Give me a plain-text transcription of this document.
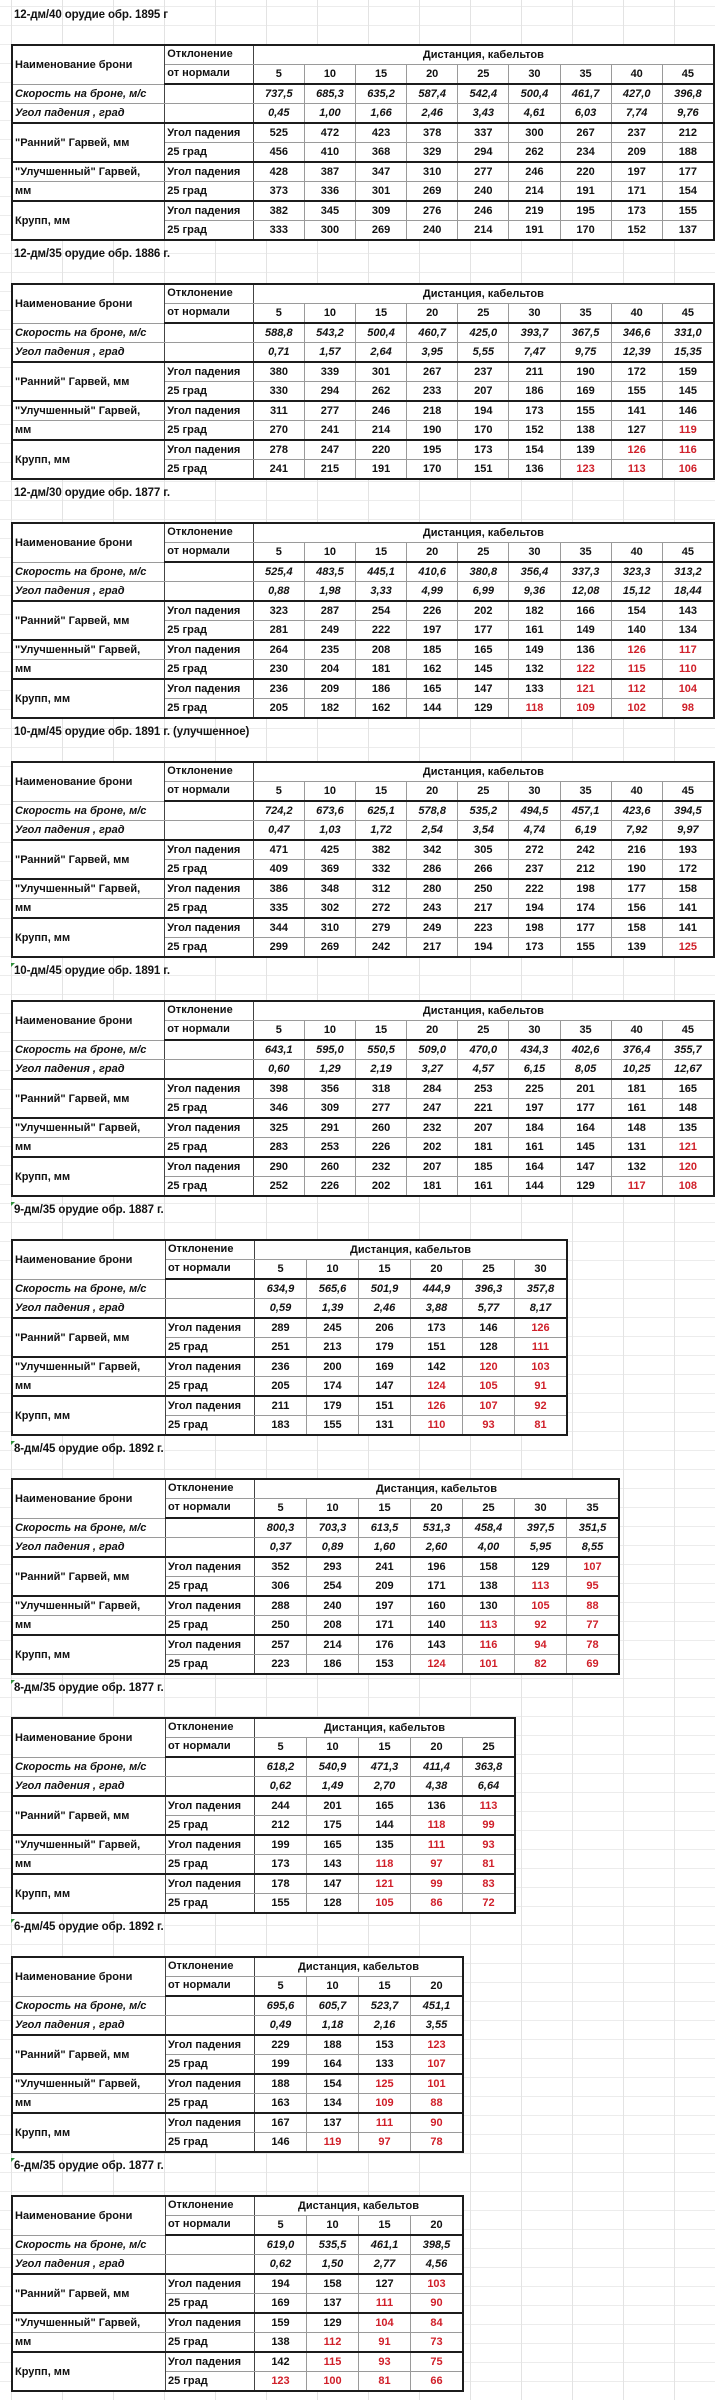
12-дм/40 орудие обр. 1895 г
Наименование брони	Отклонение	Дистанция, кабельтов								
	от нормали	5	10	15	20	25	30	35	40	45
Скорость на броне, м/с		737,5	685,3	635,2	587,4	542,4	500,4	461,7	427,0	396,8
Угол падения , град		0,45	1,00	1,66	2,46	3,43	4,61	6,03	7,74	9,76
"Ранний" Гарвей, мм	Угол падения	525	472	423	378	337	300	267	237	212
	25 град	456	410	368	329	294	262	234	209	188
"Улучшенный" Гарвей,	Угол падения	428	387	347	310	277	246	220	197	177
мм	25 град	373	336	301	269	240	214	191	171	154
Крупп, мм	Угол падения	382	345	309	276	246	219	195	173	155
	25 град	333	300	269	240	214	191	170	152	137
12-дм/35 орудие обр. 1886 г.
Наименование брони	Отклонение	Дистанция, кабельтов								
	от нормали	5	10	15	20	25	30	35	40	45
Скорость на броне, м/с		588,8	543,2	500,4	460,7	425,0	393,7	367,5	346,6	331,0
Угол падения , град		0,71	1,57	2,64	3,95	5,55	7,47	9,75	12,39	15,35
"Ранний" Гарвей, мм	Угол падения	380	339	301	267	237	211	190	172	159
	25 град	330	294	262	233	207	186	169	155	145
"Улучшенный" Гарвей,	Угол падения	311	277	246	218	194	173	155	141	146
мм	25 град	270	241	214	190	170	152	138	127	119
Крупп, мм	Угол падения	278	247	220	195	173	154	139	126	116
	25 град	241	215	191	170	151	136	123	113	106
12-дм/30 орудие обр. 1877 г.
Наименование брони	Отклонение	Дистанция, кабельтов								
	от нормали	5	10	15	20	25	30	35	40	45
Скорость на броне, м/с		525,4	483,5	445,1	410,6	380,8	356,4	337,3	323,3	313,2
Угол падения , град		0,88	1,98	3,33	4,99	6,99	9,36	12,08	15,12	18,44
"Ранний" Гарвей, мм	Угол падения	323	287	254	226	202	182	166	154	143
	25 град	281	249	222	197	177	161	149	140	134
"Улучшенный" Гарвей,	Угол падения	264	235	208	185	165	149	136	126	117
мм	25 град	230	204	181	162	145	132	122	115	110
Крупп, мм	Угол падения	236	209	186	165	147	133	121	112	104
	25 град	205	182	162	144	129	118	109	102	98
10-дм/45 орудие обр. 1891 г. (улучшенное)
Наименование брони	Отклонение	Дистанция, кабельтов								
	от нормали	5	10	15	20	25	30	35	40	45
Скорость на броне, м/с		724,2	673,6	625,1	578,8	535,2	494,5	457,1	423,6	394,5
Угол падения , град		0,47	1,03	1,72	2,54	3,54	4,74	6,19	7,92	9,97
"Ранний" Гарвей, мм	Угол падения	471	425	382	342	305	272	242	216	193
	25 град	409	369	332	286	266	237	212	190	172
"Улучшенный" Гарвей,	Угол падения	386	348	312	280	250	222	198	177	158
мм	25 град	335	302	272	243	217	194	174	156	141
Крупп, мм	Угол падения	344	310	279	249	223	198	177	158	141
	25 град	299	269	242	217	194	173	155	139	125
10-дм/45 орудие обр. 1891 г.
Наименование брони	Отклонение	Дистанция, кабельтов								
	от нормали	5	10	15	20	25	30	35	40	45
Скорость на броне, м/с		643,1	595,0	550,5	509,0	470,0	434,3	402,6	376,4	355,7
Угол падения , град		0,60	1,29	2,19	3,27	4,57	6,15	8,05	10,25	12,67
"Ранний" Гарвей, мм	Угол падения	398	356	318	284	253	225	201	181	165
	25 град	346	309	277	247	221	197	177	161	148
"Улучшенный" Гарвей,	Угол падения	325	291	260	232	207	184	164	148	135
мм	25 град	283	253	226	202	181	161	145	131	121
Крупп, мм	Угол падения	290	260	232	207	185	164	147	132	120
	25 град	252	226	202	181	161	144	129	117	108
9-дм/35 орудие обр. 1887 г.
Наименование брони	Отклонение	Дистанция, кабельтов					
	от нормали	5	10	15	20	25	30
Скорость на броне, м/с		634,9	565,6	501,9	444,9	396,3	357,8
Угол падения , град		0,59	1,39	2,46	3,88	5,77	8,17
"Ранний" Гарвей, мм	Угол падения	289	245	206	173	146	126
	25 град	251	213	179	151	128	111
"Улучшенный" Гарвей,	Угол падения	236	200	169	142	120	103
мм	25 град	205	174	147	124	105	91
Крупп, мм	Угол падения	211	179	151	126	107	92
	25 град	183	155	131	110	93	81
8-дм/45 орудие обр. 1892 г.
Наименование брони	Отклонение	Дистанция, кабельтов						
	от нормали	5	10	15	20	25	30	35
Скорость на броне, м/с		800,3	703,3	613,5	531,3	458,4	397,5	351,5
Угол падения , град		0,37	0,89	1,60	2,60	4,00	5,95	8,55
"Ранний" Гарвей, мм	Угол падения	352	293	241	196	158	129	107
	25 град	306	254	209	171	138	113	95
"Улучшенный" Гарвей,	Угол падения	288	240	197	160	130	105	88
мм	25 град	250	208	171	140	113	92	77
Крупп, мм	Угол падения	257	214	176	143	116	94	78
	25 град	223	186	153	124	101	82	69
8-дм/35 орудие обр. 1877 г.
Наименование брони	Отклонение	Дистанция, кабельтов				
	от нормали	5	10	15	20	25
Скорость на броне, м/с		618,2	540,9	471,3	411,4	363,8
Угол падения , град		0,62	1,49	2,70	4,38	6,64
"Ранний" Гарвей, мм	Угол падения	244	201	165	136	113
	25 град	212	175	144	118	99
"Улучшенный" Гарвей,	Угол падения	199	165	135	111	93
мм	25 град	173	143	118	97	81
Крупп, мм	Угол падения	178	147	121	99	83
	25 град	155	128	105	86	72
6-дм/45 орудие обр. 1892 г.
Наименование брони	Отклонение	Дистанция, кабельтов			
	от нормали	5	10	15	20
Скорость на броне, м/с		695,6	605,7	523,7	451,1
Угол падения , град		0,49	1,18	2,16	3,55
"Ранний" Гарвей, мм	Угол падения	229	188	153	123
	25 град	199	164	133	107
"Улучшенный" Гарвей,	Угол падения	188	154	125	101
мм	25 град	163	134	109	88
Крупп, мм	Угол падения	167	137	111	90
	25 град	146	119	97	78
6-дм/35 орудие обр. 1877 г.
Наименование брони	Отклонение	Дистанция, кабельтов			
	от нормали	5	10	15	20
Скорость на броне, м/с		619,0	535,5	461,1	398,5
Угол падения , град		0,62	1,50	2,77	4,56
"Ранний" Гарвей, мм	Угол падения	194	158	127	103
	25 град	169	137	111	90
"Улучшенный" Гарвей,	Угол падения	159	129	104	84
мм	25 град	138	112	91	73
Крупп, мм	Угол падения	142	115	93	75
	25 град	123	100	81	66
